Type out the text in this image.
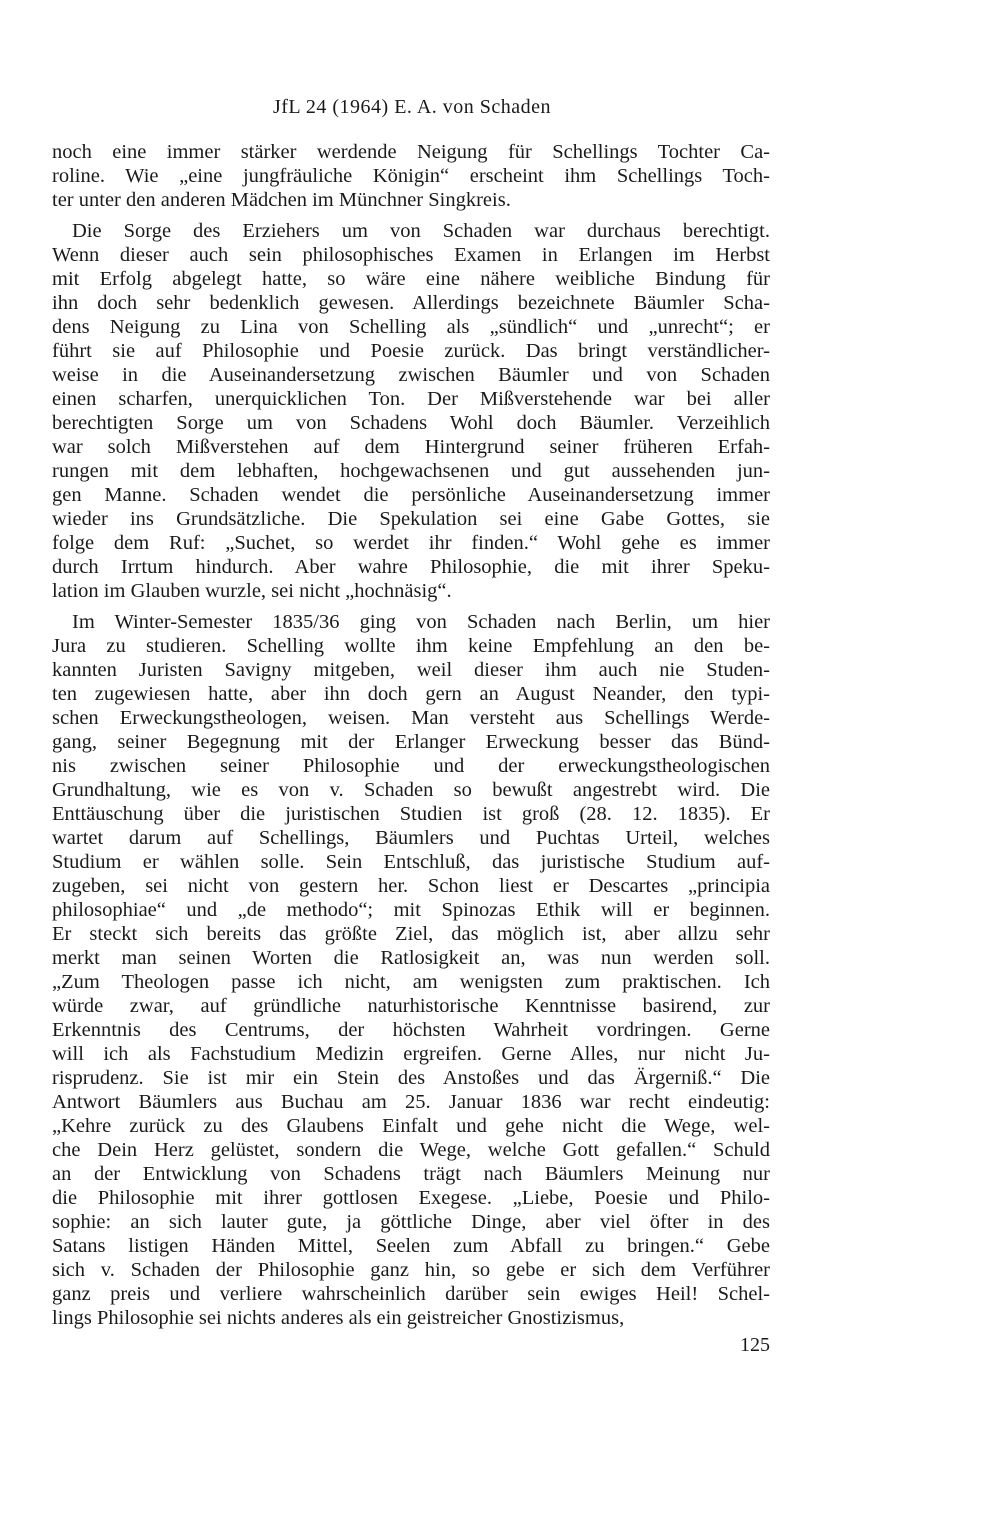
JfL 24 (1964) E. A. von Schaden
noch eine immer stärker werdende Neigung für Schellings Tochter Ca-
roline. Wie „eine jungfräuliche Königin“ erscheint ihm Schellings Toch-
ter unter den anderen Mädchen im Münchner Singkreis.
Die Sorge des Erziehers um von Schaden war durchaus berechtigt.
Wenn dieser auch sein philosophisches Examen in Erlangen im Herbst
mit Erfolg abgelegt hatte, so wäre eine nähere weibliche Bindung für
ihn doch sehr bedenklich gewesen. Allerdings bezeichnete Bäumler Scha-
dens Neigung zu Lina von Schelling als „sündlich“ und „unrecht“; er
führt sie auf Philosophie und Poesie zurück. Das bringt verständlicher-
weise in die Auseinandersetzung zwischen Bäumler und von Schaden
einen scharfen, unerquicklichen Ton. Der Mißverstehende war bei aller
berechtigten Sorge um von Schadens Wohl doch Bäumler. Verzeihlich
war solch Mißverstehen auf dem Hintergrund seiner früheren Erfah-
rungen mit dem lebhaften, hochgewachsenen und gut aussehenden jun-
gen Manne. Schaden wendet die persönliche Auseinandersetzung immer
wieder ins Grundsätzliche. Die Spekulation sei eine Gabe Gottes, sie
folge dem Ruf: „Suchet, so werdet ihr finden.“ Wohl gehe es immer
durch Irrtum hindurch. Aber wahre Philosophie, die mit ihrer Speku-
lation im Glauben wurzle, sei nicht „hochnäsig“.
Im Winter-Semester 1835/36 ging von Schaden nach Berlin, um hier
Jura zu studieren. Schelling wollte ihm keine Empfehlung an den be-
kannten Juristen Savigny mitgeben, weil dieser ihm auch nie Studen-
ten zugewiesen hatte, aber ihn doch gern an August Neander, den typi-
schen Erweckungstheologen, weisen. Man versteht aus Schellings Werde-
gang, seiner Begegnung mit der Erlanger Erweckung besser das Bünd-
nis zwischen seiner Philosophie und der erweckungstheologischen
Grundhaltung, wie es von v. Schaden so bewußt angestrebt wird. Die
Enttäuschung über die juristischen Studien ist groß (28. 12. 1835). Er
wartet darum auf Schellings, Bäumlers und Puchtas Urteil, welches
Studium er wählen solle. Sein Entschluß, das juristische Studium auf-
zugeben, sei nicht von gestern her. Schon liest er Descartes „principia
philosophiae“ und „de methodo“; mit Spinozas Ethik will er beginnen.
Er steckt sich bereits das größte Ziel, das möglich ist, aber allzu sehr
merkt man seinen Worten die Ratlosigkeit an, was nun werden soll.
„Zum Theologen passe ich nicht, am wenigsten zum praktischen. Ich
würde zwar, auf gründliche naturhistorische Kenntnisse basirend, zur
Erkenntnis des Centrums, der höchsten Wahrheit vordringen. Gerne
will ich als Fachstudium Medizin ergreifen. Gerne Alles, nur nicht Ju-
risprudenz. Sie ist mir ein Stein des Anstoßes und das Ärgerniß.“ Die
Antwort Bäumlers aus Buchau am 25. Januar 1836 war recht eindeutig:
„Kehre zurück zu des Glaubens Einfalt und gehe nicht die Wege, wel-
che Dein Herz gelüstet, sondern die Wege, welche Gott gefallen.“ Schuld
an der Entwicklung von Schadens trägt nach Bäumlers Meinung nur
die Philosophie mit ihrer gottlosen Exegese. „Liebe, Poesie und Philo-
sophie: an sich lauter gute, ja göttliche Dinge, aber viel öfter in des
Satans listigen Händen Mittel, Seelen zum Abfall zu bringen.“ Gebe
sich v. Schaden der Philosophie ganz hin, so gebe er sich dem Verführer
ganz preis und verliere wahrscheinlich darüber sein ewiges Heil! Schel-
lings Philosophie sei nichts anderes als ein geistreicher Gnostizismus,
125
